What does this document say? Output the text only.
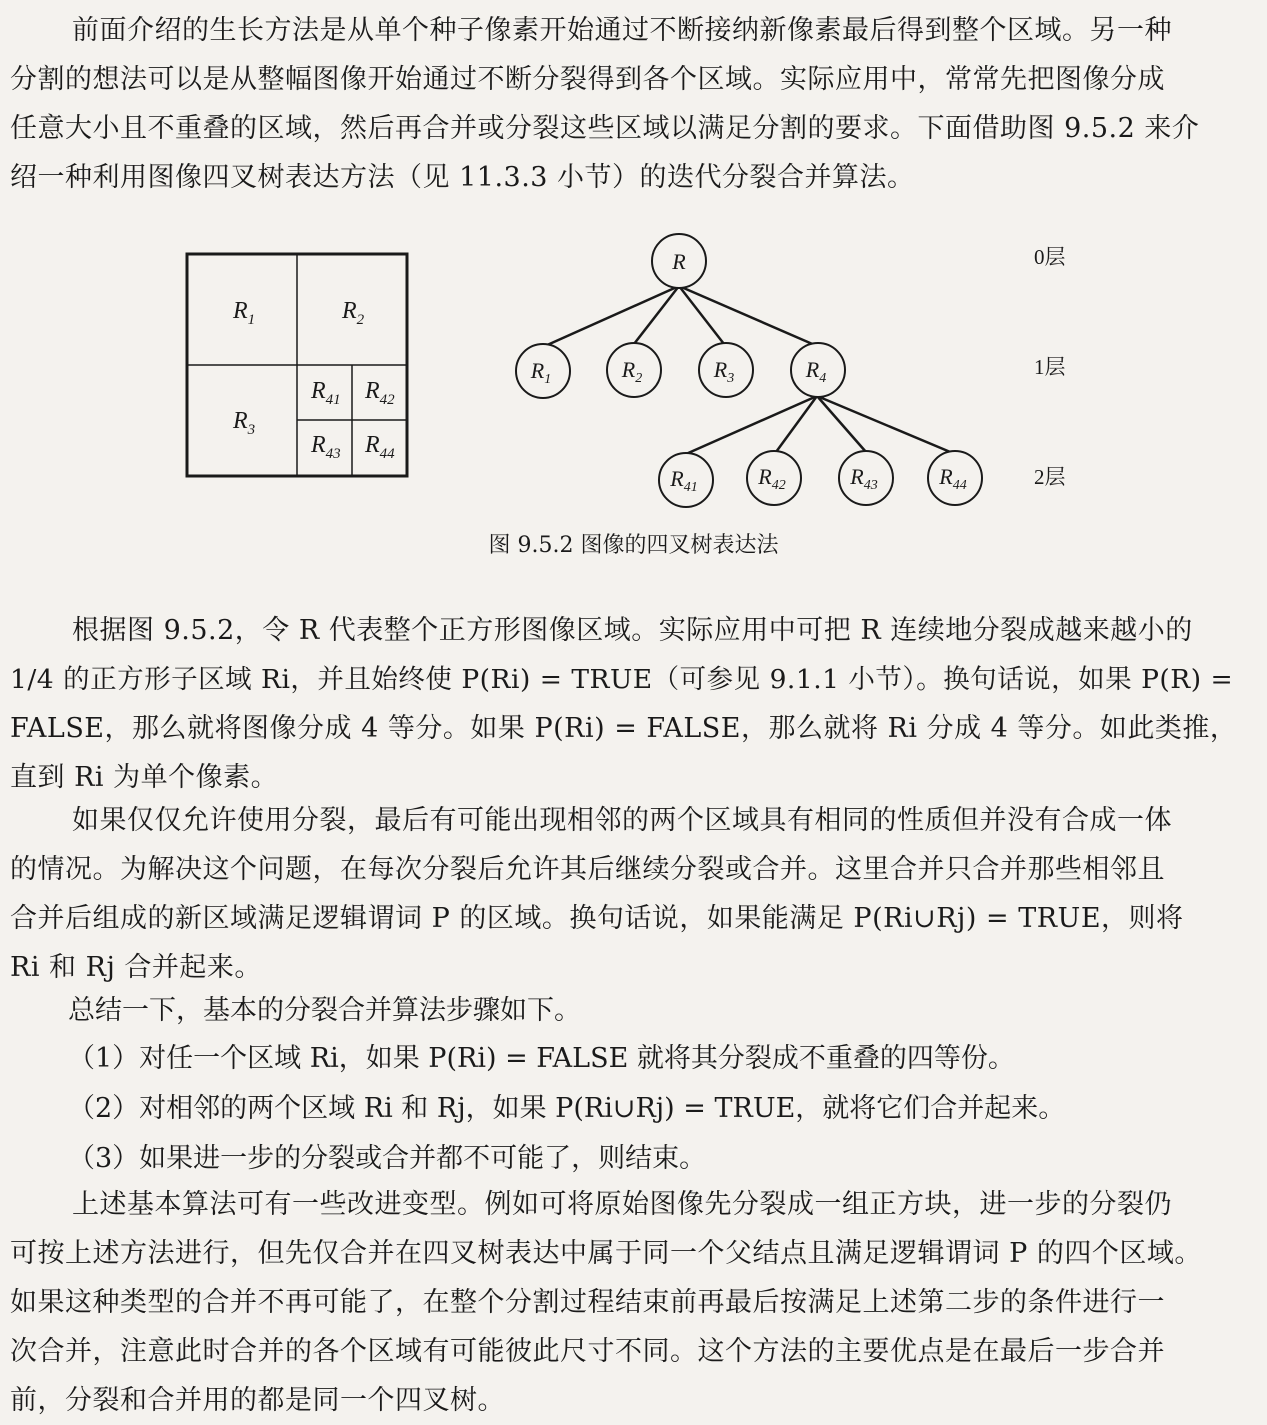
前面介绍的生长方法是从单个种子像素开始通过不断接纳新像素最后得到整个区域。另一种
分割的想法可以是从整幅图像开始通过不断分裂得到各个区域。实际应用中，常常先把图像分成
任意大小且不重叠的区域，然后再合并或分裂这些区域以满足分割的要求。下面借助图 9.5.2 来介
绍一种利用图像四叉树表达方法（见 11.3.3 小节）的迭代分裂合并算法。
$R_1$	$R_2$
$R_3$
$R_{41}$ $R_{42}$
$R_{43}$ $R_{44}$
R
$R_1$	$R_2$	$R_3$	$R_4$
$R_{41}$	$R_{42}$	$R_{43}$	$R_{44}$
0层
1层
2层
图 9.5.2 图像的四叉树表达法
根据图 9.5.2，令 R 代表整个正方形图像区域。实际应用中可把 R 连续地分裂成越来越小的
1/4 的正方形子区域 Ri，并且始终使 P(Ri) = TRUE（可参见 9.1.1 小节）。换句话说，如果 P(R) =
FALSE，那么就将图像分成 4 等分。如果 P(Ri) = FALSE，那么就将 Ri 分成 4 等分。如此类推，
直到 Ri 为单个像素。
如果仅仅允许使用分裂，最后有可能出现相邻的两个区域具有相同的性质但并没有合成一体
的情况。为解决这个问题，在每次分裂后允许其后继续分裂或合并。这里合并只合并那些相邻且
合并后组成的新区域满足逻辑谓词 P 的区域。换句话说，如果能满足 P(Ri∪Rj) = TRUE，则将
Ri 和 Rj 合并起来。
总结一下，基本的分裂合并算法步骤如下。
（1）对任一个区域 Ri，如果 P(Ri) = FALSE 就将其分裂成不重叠的四等份。
（2）对相邻的两个区域 Ri 和 Rj，如果 P(Ri∪Rj) = TRUE，就将它们合并起来。
（3）如果进一步的分裂或合并都不可能了，则结束。
上述基本算法可有一些改进变型。例如可将原始图像先分裂成一组正方块，进一步的分裂仍
可按上述方法进行，但先仅合并在四叉树表达中属于同一个父结点且满足逻辑谓词 P 的四个区域。
如果这种类型的合并不再可能了，在整个分割过程结束前再最后按满足上述第二步的条件进行一
次合并，注意此时合并的各个区域有可能彼此尺寸不同。这个方法的主要优点是在最后一步合并
前，分裂和合并用的都是同一个四叉树。
